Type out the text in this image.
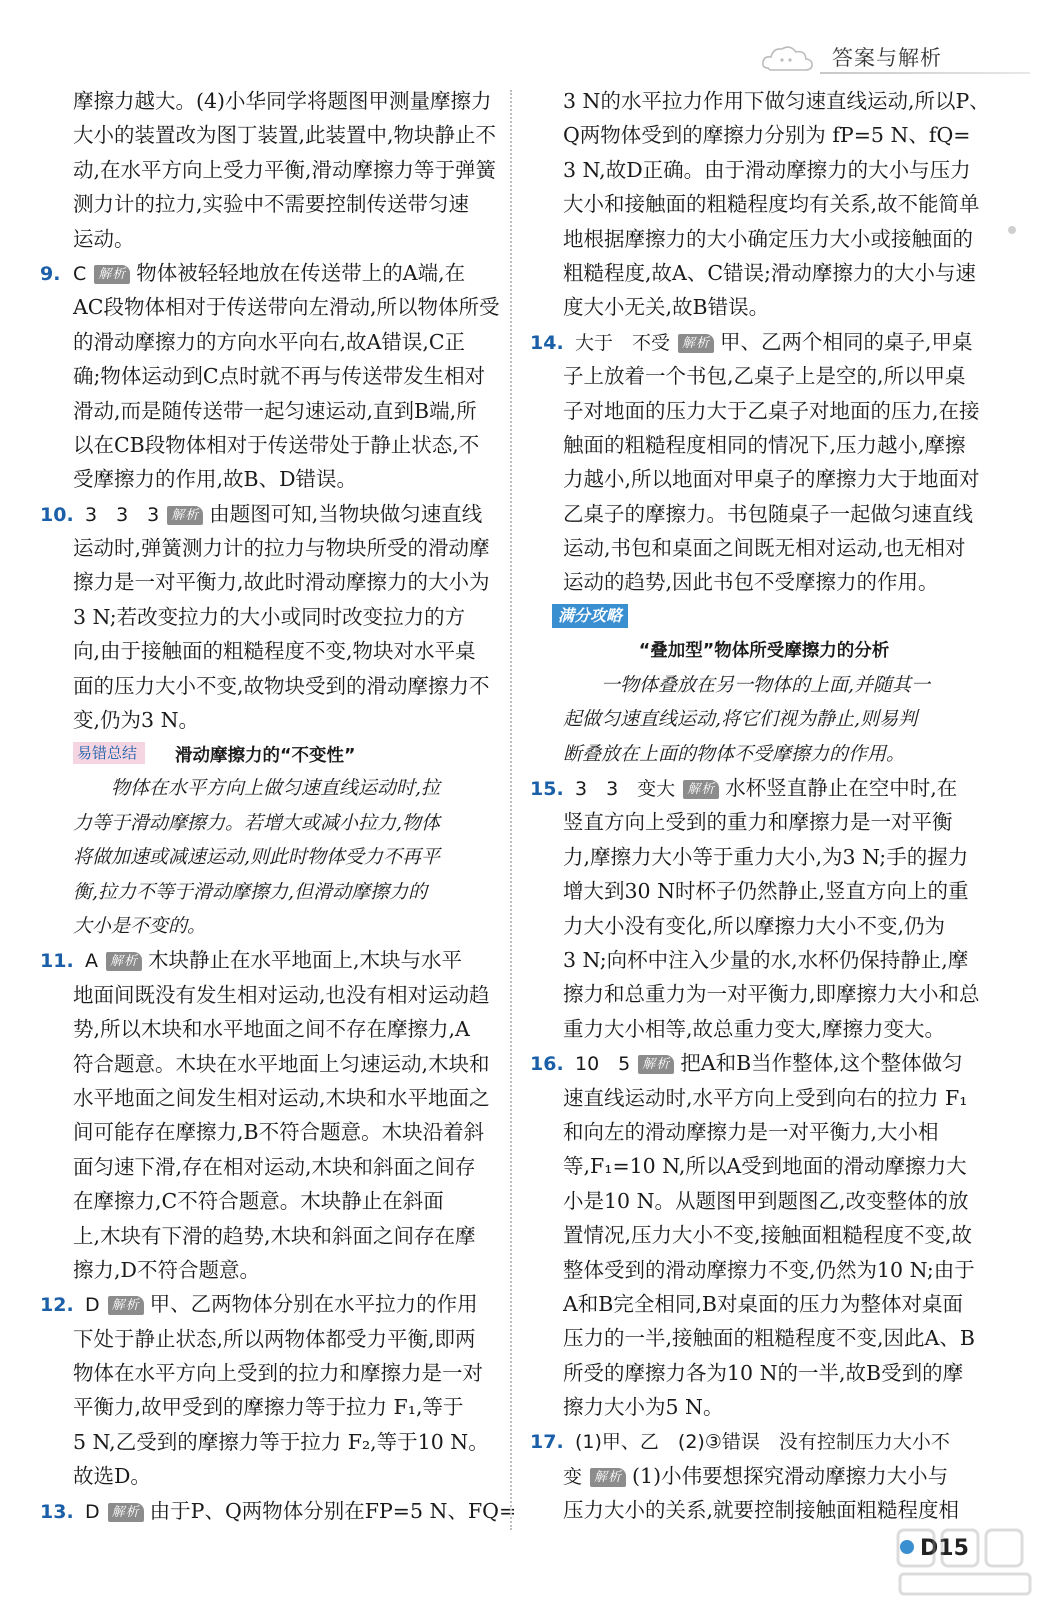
答案与解析
摩擦力越大。(4)小华同学将题图甲测量摩擦力
大小的装置改为图丁装置,此装置中,物块静止不
动,在水平方向上受力平衡,滑动摩擦力等于弹簧
测力计的拉力,实验中不需要控制传送带匀速
运动。
9. C 解析 物体被轻轻地放在传送带上的A端,在
AC段物体相对于传送带向左滑动,所以物体所受
的滑动摩擦力的方向水平向右,故A错误,C正
确;物体运动到C点时就不再与传送带发生相对
滑动,而是随传送带一起匀速运动,直到B端,所
以在CB段物体相对于传送带处于静止状态,不
受摩擦力的作用,故B、D错误。
10. 3　3　3 解析 由题图可知,当物块做匀速直线
运动时,弹簧测力计的拉力与物块所受的滑动摩
擦力是一对平衡力,故此时滑动摩擦力的大小为
3 N;若改变拉力的大小或同时改变拉力的方
向,由于接触面的粗糙程度不变,物块对水平桌
面的压力大小不变,故物块受到的滑动摩擦力不
变,仍为3 N。
易错总结 滑动摩擦力的“不变性”
　　物体在水平方向上做匀速直线运动时,拉
力等于滑动摩擦力。若增大或减小拉力,物体
将做加速或减速运动,则此时物体受力不再平
衡,拉力不等于滑动摩擦力,但滑动摩擦力的
大小是不变的。
11. A 解析 木块静止在水平地面上,木块与水平
地面间既没有发生相对运动,也没有相对运动趋
势,所以木块和水平地面之间不存在摩擦力,A
符合题意。木块在水平地面上匀速运动,木块和
水平地面之间发生相对运动,木块和水平地面之
间可能存在摩擦力,B不符合题意。木块沿着斜
面匀速下滑,存在相对运动,木块和斜面之间存
在摩擦力,C不符合题意。木块静止在斜面
上,木块有下滑的趋势,木块和斜面之间存在摩
擦力,D不符合题意。
12. D 解析 甲、乙两物体分别在水平拉力的作用
下处于静止状态,所以两物体都受力平衡,即两
物体在水平方向上受到的拉力和摩擦力是一对
平衡力,故甲受到的摩擦力等于拉力 F₁,等于
5 N,乙受到的摩擦力等于拉力 F₂,等于10 N。
故选D。
13. D 解析 由于P、Q两物体分别在FP=5 N、FQ=
3 N的水平拉力作用下做匀速直线运动,所以P、
Q两物体受到的摩擦力分别为 fP=5 N、fQ=
3 N,故D正确。由于滑动摩擦力的大小与压力
大小和接触面的粗糙程度均有关系,故不能简单
地根据摩擦力的大小确定压力大小或接触面的
粗糙程度,故A、C错误;滑动摩擦力的大小与速
度大小无关,故B错误。
14. 大于　不受 解析 甲、乙两个相同的桌子,甲桌
子上放着一个书包,乙桌子上是空的,所以甲桌
子对地面的压力大于乙桌子对地面的压力,在接
触面的粗糙程度相同的情况下,压力越小,摩擦
力越小,所以地面对甲桌子的摩擦力大于地面对
乙桌子的摩擦力。书包随桌子一起做匀速直线
运动,书包和桌面之间既无相对运动,也无相对
运动的趋势,因此书包不受摩擦力的作用。
满分攻略
“叠加型”物体所受摩擦力的分析
　　一物体叠放在另一物体的上面,并随其一
起做匀速直线运动,将它们视为静止,则易判
断叠放在上面的物体不受摩擦力的作用。
15. 3　3　变大 解析 水杯竖直静止在空中时,在
竖直方向上受到的重力和摩擦力是一对平衡
力,摩擦力大小等于重力大小,为3 N;手的握力
增大到30 N时杯子仍然静止,竖直方向上的重
力大小没有变化,所以摩擦力大小不变,仍为
3 N;向杯中注入少量的水,水杯仍保持静止,摩
擦力和总重力为一对平衡力,即摩擦力大小和总
重力大小相等,故总重力变大,摩擦力变大。
16. 10　5 解析 把A和B当作整体,这个整体做匀
速直线运动时,水平方向上受到向右的拉力 F₁
和向左的滑动摩擦力是一对平衡力,大小相
等,F₁=10 N,所以A受到地面的滑动摩擦力大
小是10 N。从题图甲到题图乙,改变整体的放
置情况,压力大小不变,接触面粗糙程度不变,故
整体受到的滑动摩擦力不变,仍然为10 N;由于
A和B完全相同,B对桌面的压力为整体对桌面
压力的一半,接触面的粗糙程度不变,因此A、B
所受的摩擦力各为10 N的一半,故B受到的摩
擦力大小为5 N。
17. (1)甲、乙　(2)③错误　没有控制压力大小不
变 解析 (1)小伟要想探究滑动摩擦力大小与
压力大小的关系,就要控制接触面粗糙程度相
D15
